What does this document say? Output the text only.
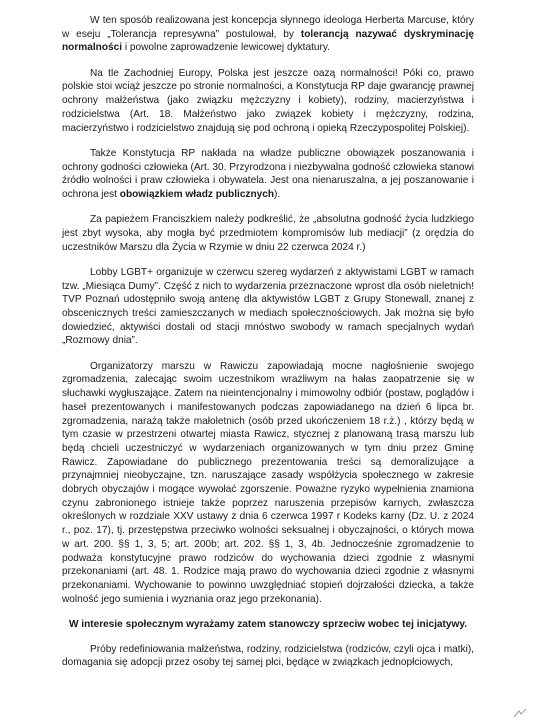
W ten sposób realizowana jest koncepcja słynnego ideologa Herberta Marcuse, który w eseju „Tolerancja represywna” postulował, by tolerancją nazywać dyskryminację normalności i powolne zaprowadzenie lewicowej dyktatury.

Na tle Zachodniej Europy, Polska jest jeszcze oazą normalności! Póki co, prawo polskie stoi wciąż jeszcze po stronie normalności, a Konstytucja RP daje gwarancję prawnej ochrony małżeństwa (jako związku mężczyzny i kobiety), rodziny, macierzyństwa i rodzicielstwa (Art. 18. Małżeństwo jako związek kobiety i mężczyzny, rodzina, macierzyństwo i rodzicielstwo znajdują się pod ochroną i opieką Rzeczypospolitej Polskiej).

Także Konstytucja RP nakłada na władze publiczne obowiązek poszanowania i ochrony godności człowieka (Art. 30. Przyrodzona i niezbywalna godność człowieka stanowi źródło wolności i praw człowieka i obywatela. Jest ona nienaruszalna, a jej poszanowanie i ochrona jest obowiązkiem władz publicznych).

Za papieżem Franciszkiem należy podkreślić, że „absolutna godność życia ludzkiego jest zbyt wysoka, aby mogła być przedmiotem kompromisów lub mediacji” (z orędzia do uczestników Marszu dla Życia w Rzymie w dniu 22 czerwca 2024 r.)

Lobby LGBT+ organizuje w czerwcu szereg wydarzeń z aktywistami LGBT w ramach tzw. „Miesiąca Dumy”. Część z nich to wydarzenia przeznaczone wprost dla osób nieletnich! TVP Poznań udostępniło swoją antenę dla aktywistów LGBT z Grupy Stonewall, znanej z obscenicznych treści zamieszczanych w mediach społecznościowych. Jak można się było dowiedzieć, aktywiści dostali od stacji mnóstwo swobody w ramach specjalnych wydań „Rozmowy dnia”.

Organizatorzy marszu w Rawiczu zapowiadają mocne nagłośnienie swojego zgromadzenia, zalecając swoim uczestnikom wrażliwym na hałas zaopatrzenie się w słuchawki wygłuszające. Zatem na nieintencjonalny i mimowolny odbiór (postaw, poglądów i haseł prezentowanych i manifestowanych podczas zapowiadanego na dzień 6 lipca br. zgromadzenia, narażą także małoletnich (osób przed ukończeniem 18 r.ż.) , którzy będą w tym czasie w przestrzeni otwartej miasta Rawicz, stycznej z planowaną trasą marszu lub będą chcieli uczestniczyć w wydarzeniach organizowanych w tym dniu przez Gminę Rawicz. Zapowiadane do publicznego prezentowania treści są demoralizujące a przynajmniej nieobyczajne, tzn. naruszające zasady współżycia społecznego w zakresie dobrych obyczajów i mogące wywołać zgorszenie. Poważne ryzyko wypełnienia znamiona czynu zabronionego istnieje także poprzez naruszenia przepisów karnych, zwłaszcza określonych w rozdziale XXV ustawy z dnia 6 czerwca 1997 r Kodeks karny (Dz. U. z 2024 r., poz. 17), tj. przestępstwa przeciwko wolności seksualnej i obyczajności, o których mowa w art. 200. §§ 1, 3, 5; art. 200b; art. 202. §§ 1, 3, 4b. Jednocześnie zgromadzenie to podważa konstytucyjne prawo rodziców do wychowania dzieci zgodnie z własnymi przekonaniami (art. 48. 1. Rodzice mają prawo do wychowania dzieci zgodnie z własnymi przekonaniami. Wychowanie to powinno uwzględniać stopień dojrzałości dziecka, a także wolność jego sumienia i wyznania oraz jego przekonania).

W interesie społecznym wyrażamy zatem stanowczy sprzeciw wobec tej inicjatywy.

Próby redefiniowania małżeństwa, rodziny, rodzicielstwa (rodziców, czyli ojca i matki), domagania się adopcji przez osoby tej samej płci, będące w związkach jednopłciowych,
